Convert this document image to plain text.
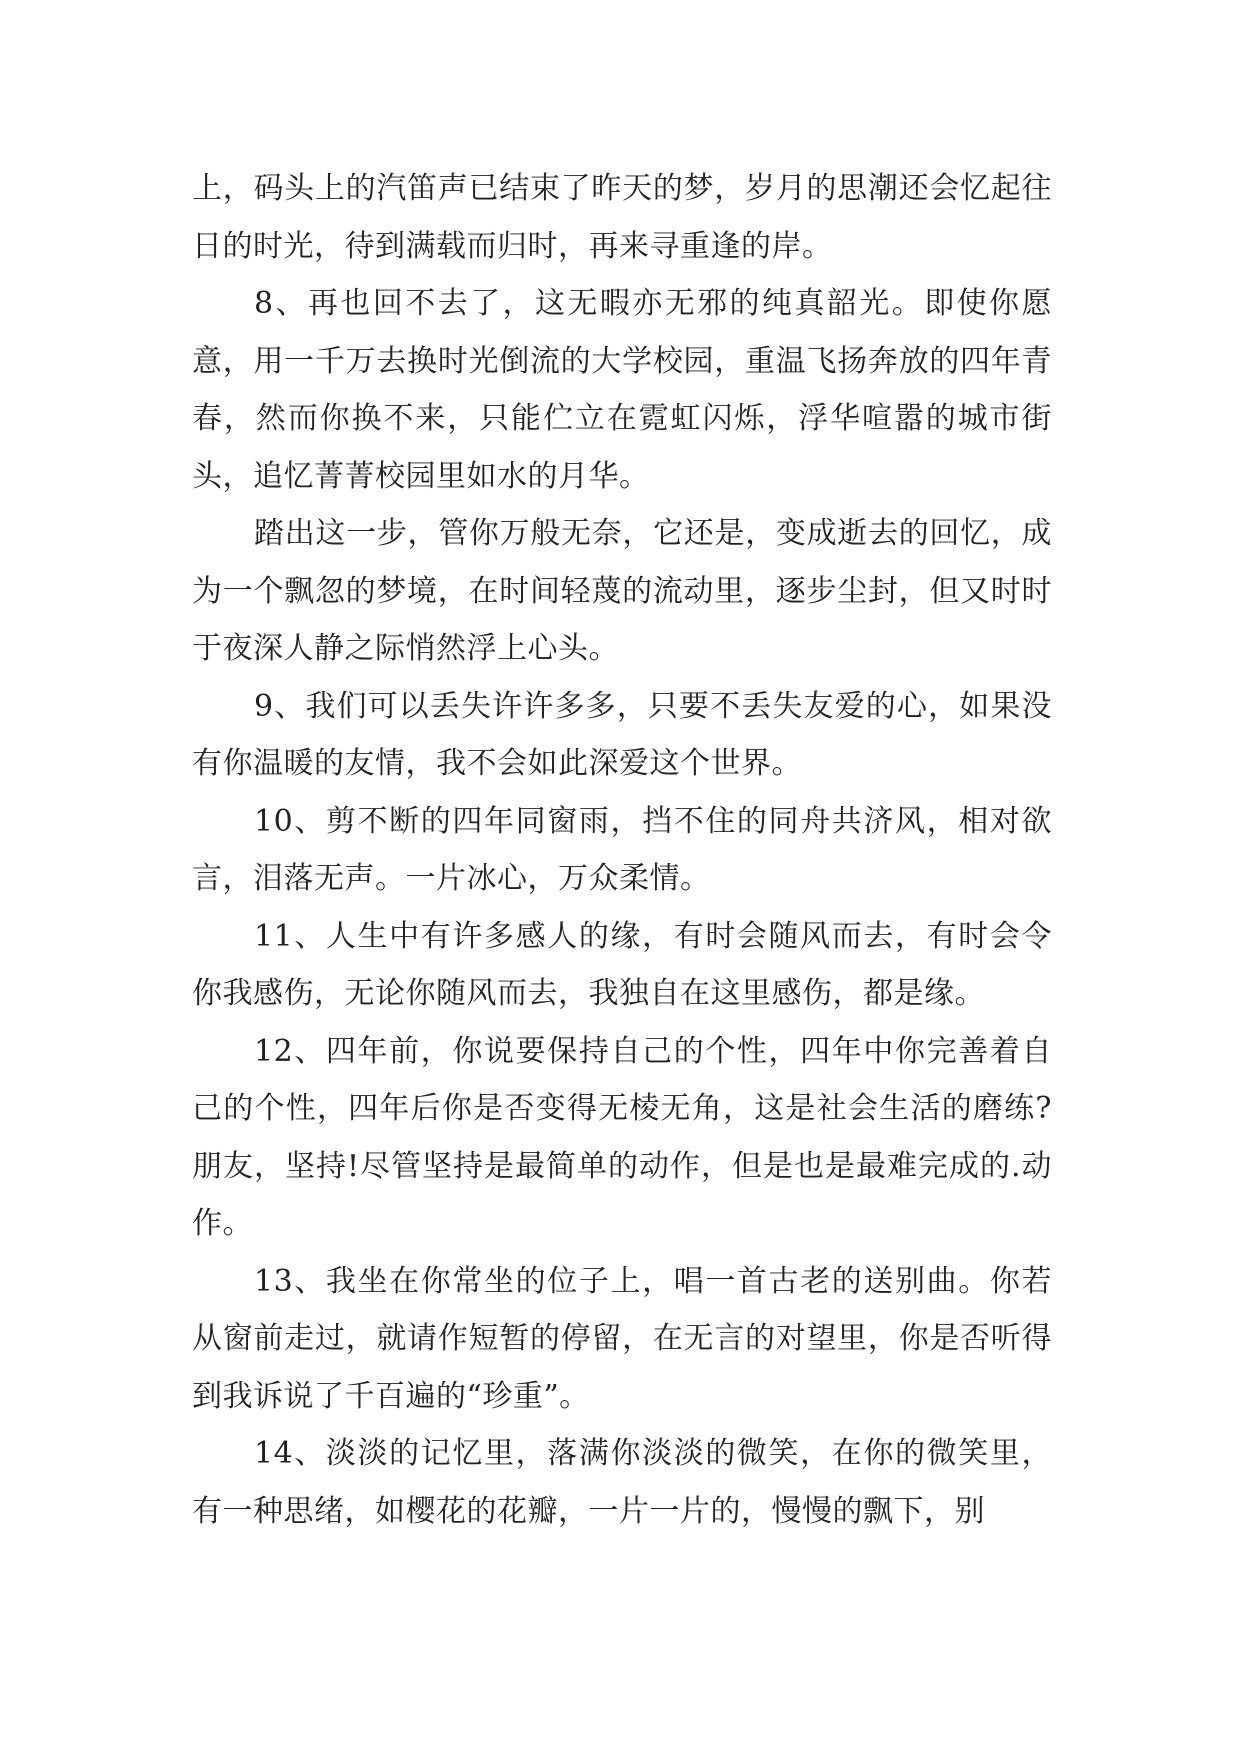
上，码头上的汽笛声已结束了昨天的梦，岁月的思潮还会忆起往日的时光，待到满载而归时，再来寻重逢的岸。

8、再也回不去了，这无暇亦无邪的纯真韶光。即使你愿意，用一千万去换时光倒流的大学校园，重温飞扬奔放的四年青春，然而你换不来，只能伫立在霓虹闪烁，浮华喧嚣的城市街头，追忆菁菁校园里如水的月华。

踏出这一步，管你万般无奈，它还是，变成逝去的回忆，成为一个飘忽的梦境，在时间轻蔑的流动里，逐步尘封，但又时时于夜深人静之际悄然浮上心头。

9、我们可以丢失许许多多，只要不丢失友爱的心，如果没有你温暖的友情，我不会如此深爱这个世界。

10、剪不断的四年同窗雨，挡不住的同舟共济风，相对欲言，泪落无声。一片冰心，万众柔情。

11、人生中有许多感人的缘，有时会随风而去，有时会令你我感伤，无论你随风而去，我独自在这里感伤，都是缘。

12、四年前，你说要保持自己的个性，四年中你完善着自己的个性，四年后你是否变得无棱无角，这是社会生活的磨练?朋友，坚持!尽管坚持是最简单的动作，但是也是最难完成的.动作。

13、我坐在你常坐的位子上，唱一首古老的送别曲。你若从窗前走过，就请作短暂的停留，在无言的对望里，你是否听得到我诉说了千百遍的“珍重”。

14、淡淡的记忆里，落满你淡淡的微笑，在你的微笑里，有一种思绪，如樱花的花瓣，一片一片的，慢慢的飘下，别
